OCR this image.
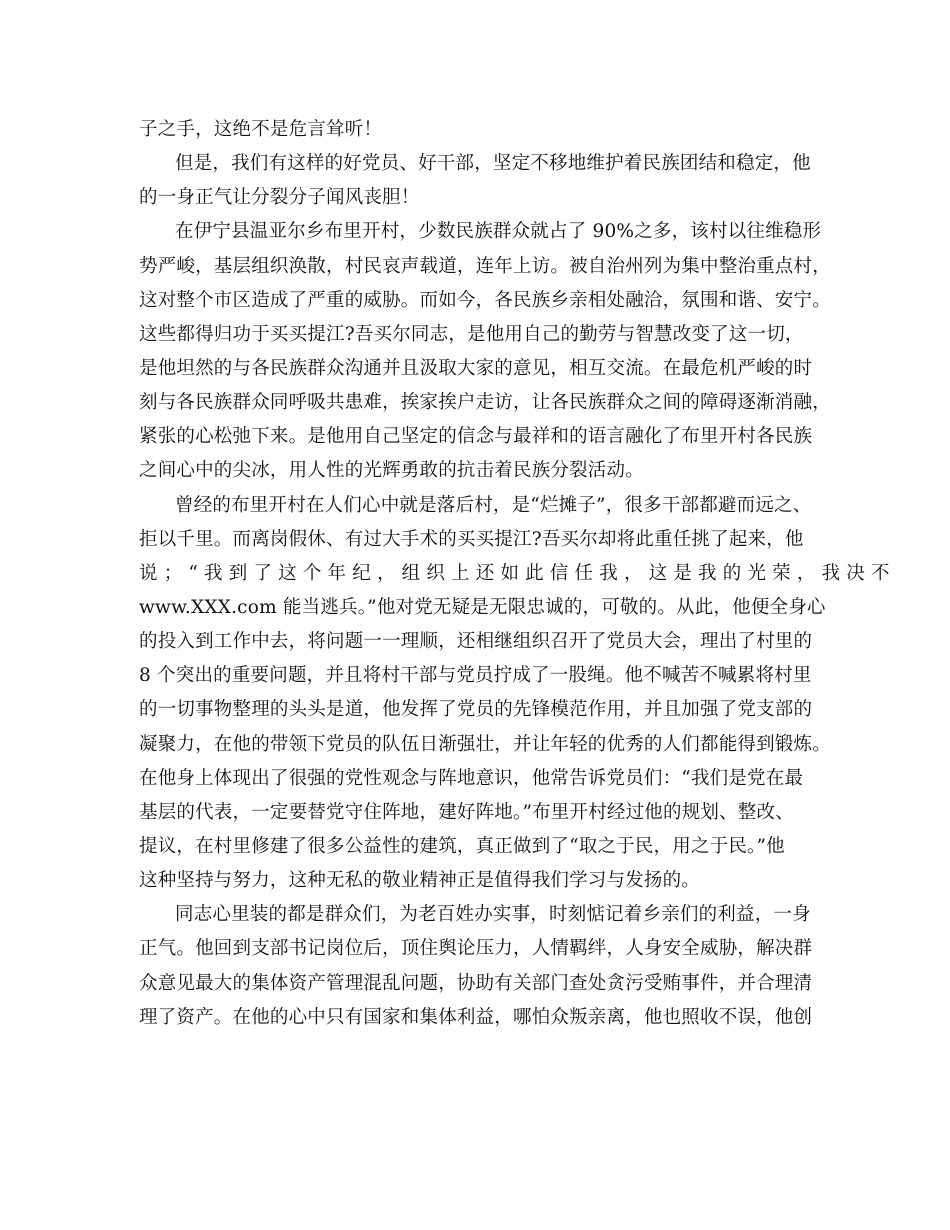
子之手，这绝不是危言耸听！
但是，我们有这样的好党员、好干部，坚定不移地维护着民族团结和稳定，他
的一身正气让分裂分子闻风丧胆！
在伊宁县温亚尔乡布里开村，少数民族群众就占了 90%之多，该村以往维稳形
势严峻，基层组织涣散，村民哀声载道，连年上访。被自治州列为集中整治重点村，
这对整个市区造成了严重的威胁。而如今，各民族乡亲相处融洽，氛围和谐、安宁。
这些都得归功于买买提江?吾买尔同志，是他用自己的勤劳与智慧改变了这一切，
是他坦然的与各民族群众沟通并且汲取大家的意见，相互交流。在最危机严峻的时
刻与各民族群众同呼吸共患难，挨家挨户走访，让各民族群众之间的障碍逐渐消融，
紧张的心松弛下来。是他用自己坚定的信念与最祥和的语言融化了布里开村各民族
之间心中的尖冰，用人性的光辉勇敢的抗击着民族分裂活动。
曾经的布里开村在人们心中就是落后村，是“烂摊子”，很多干部都避而远之、
拒以千里。而离岗假休、有过大手术的买买提江?吾买尔却将此重任挑了起来，他
说；“我到了这个年纪，组织上还如此信任我，这是我的光荣，我决不
www.XXX.com 能当逃兵。”他对党无疑是无限忠诚的，可敬的。从此，他便全身心
的投入到工作中去，将问题一一理顺，还相继组织召开了党员大会，理出了村里的
8 个突出的重要问题，并且将村干部与党员拧成了一股绳。他不喊苦不喊累将村里
的一切事物整理的头头是道，他发挥了党员的先锋模范作用，并且加强了党支部的
凝聚力，在他的带领下党员的队伍日渐强壮，并让年轻的优秀的人们都能得到锻炼。
在他身上体现出了很强的党性观念与阵地意识，他常告诉党员们：“我们是党在最
基层的代表，一定要替党守住阵地，建好阵地。”布里开村经过他的规划、整改、
提议，在村里修建了很多公益性的建筑，真正做到了“取之于民，用之于民。”他
这种坚持与努力，这种无私的敬业精神正是值得我们学习与发扬的。
同志心里装的都是群众们，为老百姓办实事，时刻惦记着乡亲们的利益，一身
正气。他回到支部书记岗位后，顶住舆论压力，人情羁绊，人身安全威胁，解决群
众意见最大的集体资产管理混乱问题，协助有关部门查处贪污受贿事件，并合理清
理了资产。在他的心中只有国家和集体利益，哪怕众叛亲离，他也照收不误，他创
